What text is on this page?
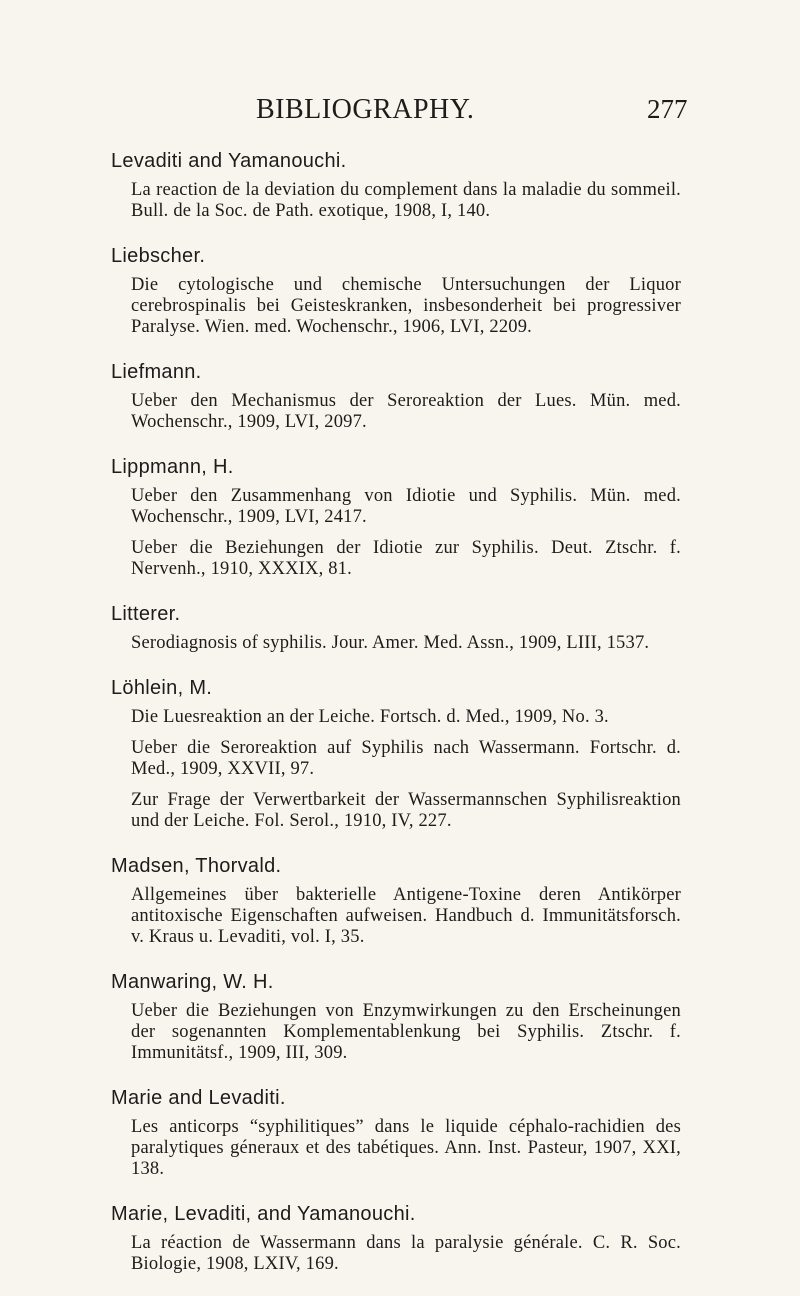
BIBLIOGRAPHY.	277
Levaditi and Yamanouchi.
La reaction de la deviation du complement dans la maladie du sommeil. Bull. de la Soc. de Path. exotique, 1908, I, 140.
Liebscher.
Die cytologische und chemische Untersuchungen der Liquor cerebrospinalis bei Geisteskranken, insbesonderheit bei progressiver Paralyse. Wien. med. Wochenschr., 1906, LVI, 2209.
Liefmann.
Ueber den Mechanismus der Seroreaktion der Lues. Mün. med. Wochenschr., 1909, LVI, 2097.
Lippmann, H.
Ueber den Zusammenhang von Idiotie und Syphilis. Mün. med. Wochenschr., 1909, LVI, 2417.
Ueber die Beziehungen der Idiotie zur Syphilis. Deut. Ztschr. f. Nervenh., 1910, XXXIX, 81.
Litterer.
Serodiagnosis of syphilis. Jour. Amer. Med. Assn., 1909, LIII, 1537.
Löhlein, M.
Die Luesreaktion an der Leiche. Fortsch. d. Med., 1909, No. 3.
Ueber die Seroreaktion auf Syphilis nach Wassermann. Fortschr. d. Med., 1909, XXVII, 97.
Zur Frage der Verwertbarkeit der Wassermannschen Syphilisreaktion und der Leiche. Fol. Serol., 1910, IV, 227.
Madsen, Thorvald.
Allgemeines über bakterielle Antigene-Toxine deren Antikörper antitoxische Eigenschaften aufweisen. Handbuch d. Immunitätsforsch. v. Kraus u. Levaditi, vol. I, 35.
Manwaring, W. H.
Ueber die Beziehungen von Enzymwirkungen zu den Erscheinungen der sogenannten Komplementablenkung bei Syphilis. Ztschr. f. Immunitätsf., 1909, III, 309.
Marie and Levaditi.
Les anticorps “syphilitiques” dans le liquide céphalo-rachidien des paralytiques géneraux et des tabétiques. Ann. Inst. Pasteur, 1907, XXI, 138.
Marie, Levaditi, and Yamanouchi.
La réaction de Wassermann dans la paralysie générale. C. R. Soc. Biologie, 1908, LXIV, 169.
